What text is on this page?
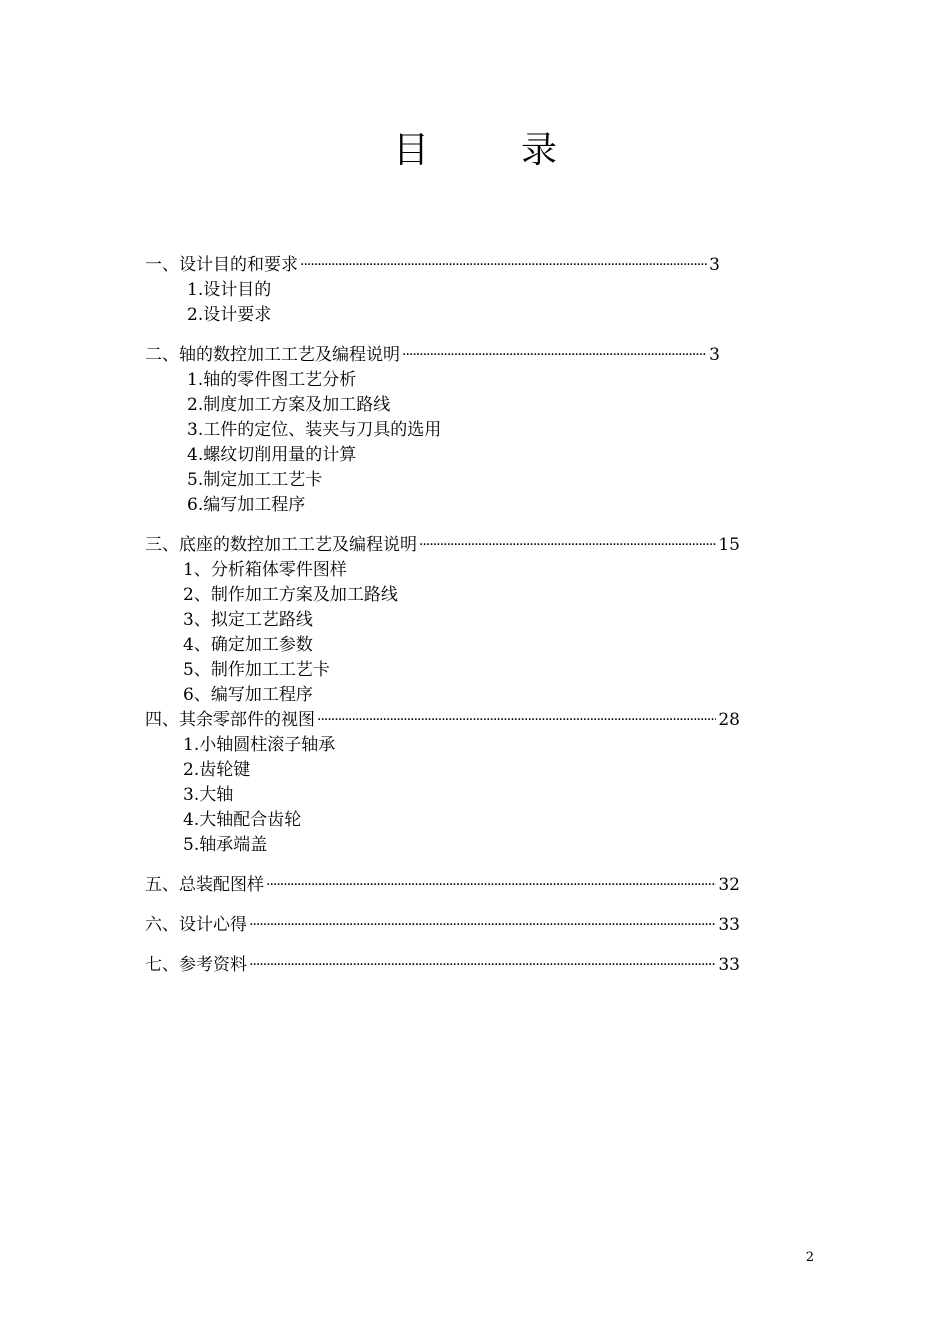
目　录
一、设计目的和要求 ·····	3
1.设计目的
2.设计要求
二、轴的数控加工工艺及编程说明 ·····	3
1.轴的零件图工艺分析
2.制度加工方案及加工路线
3.工件的定位、装夹与刀具的选用
4.螺纹切削用量的计算
5.制定加工工艺卡
6.编写加工程序
三、底座的数控加工工艺及编程说明 ·····	15
1、分析箱体零件图样
2、制作加工方案及加工路线
3、拟定工艺路线
4、确定加工参数
5、制作加工工艺卡
6、编写加工程序
四、其余零部件的视图 ·····	28
1.小轴圆柱滚子轴承
2.齿轮键
3.大轴
4.大轴配合齿轮
5.轴承端盖
五、总装配图样 ·····	32
六、设计心得 ·····	33
七、参考资料 ·····	33
2
